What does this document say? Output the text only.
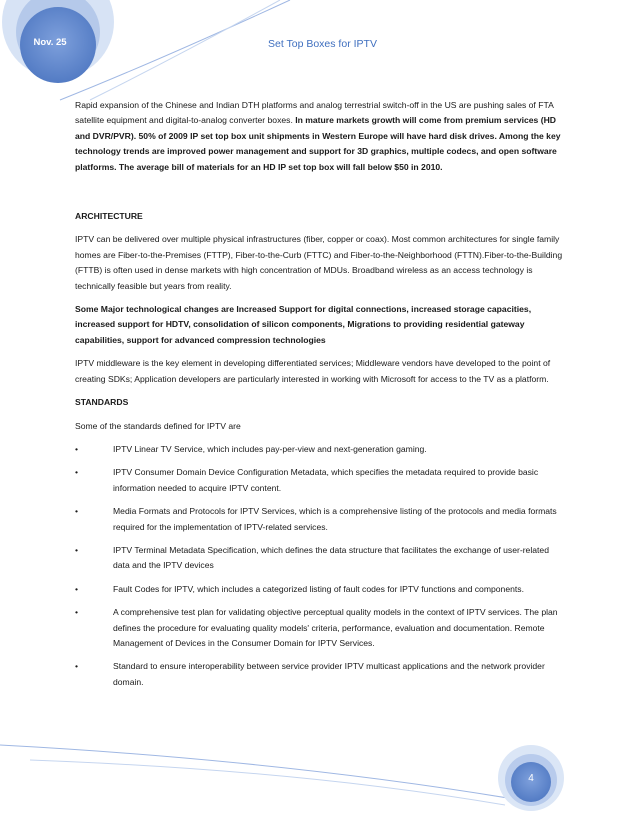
Nov. 25	Set Top Boxes for IPTV

Rapid expansion of the Chinese and Indian DTH platforms and analog terrestrial switch-off in the US are pushing sales of FTA satellite equipment and digital-to-analog converter boxes. In mature markets growth will come from premium services (HD and DVR/PVR). 50% of 2009 IP set top box unit shipments in Western Europe will have hard disk drives. Among the key technology trends are improved power management and support for 3D graphics, multiple codecs, and open software platforms. The average bill of materials for an HD IP set top box will fall below $50 in 2010.

ARCHITECTURE

IPTV can be delivered over multiple physical infrastructures (fiber, copper or coax). Most common architectures for single family homes are Fiber-to-the-Premises (FTTP), Fiber-to-the-Curb (FTTC) and Fiber-to-the-Neighborhood (FTTN).Fiber-to-the-Building (FTTB) is often used in dense markets with high concentration of MDUs. Broadband wireless as an access technology is technically feasible but years from reality.

Some Major technological changes are Increased Support for digital connections, increased storage capacities, increased support for HDTV, consolidation of silicon components, Migrations to providing residential gateway capabilities, support for advanced compression technologies

IPTV middleware is the key element in developing differentiated services; Middleware vendors have developed to the point of creating SDKs; Application developers are particularly interested in working with Microsoft for access to the TV as a platform.

STANDARDS

Some of the standards defined for IPTV are

•	IPTV Linear TV Service, which includes pay-per-view and next-generation gaming.
•	IPTV Consumer Domain Device Configuration Metadata, which specifies the metadata required to provide basic information needed to acquire IPTV content.
•	Media Formats and Protocols for IPTV Services, which is a comprehensive listing of the protocols and media formats required for the implementation of IPTV-related services.
•	IPTV Terminal Metadata Specification, which defines the data structure that facilitates the exchange of user-related data and the IPTV devices
•	Fault Codes for IPTV, which includes a categorized listing of fault codes for IPTV functions and components.
•	A comprehensive test plan for validating objective perceptual quality models in the context of IPTV services. The plan defines the procedure for evaluating quality models' criteria, performance, evaluation and documentation. Remote Management of Devices in the Consumer Domain for IPTV Services.
•	Standard to ensure interoperability between service provider IPTV multicast applications and the network provider domain.
4
